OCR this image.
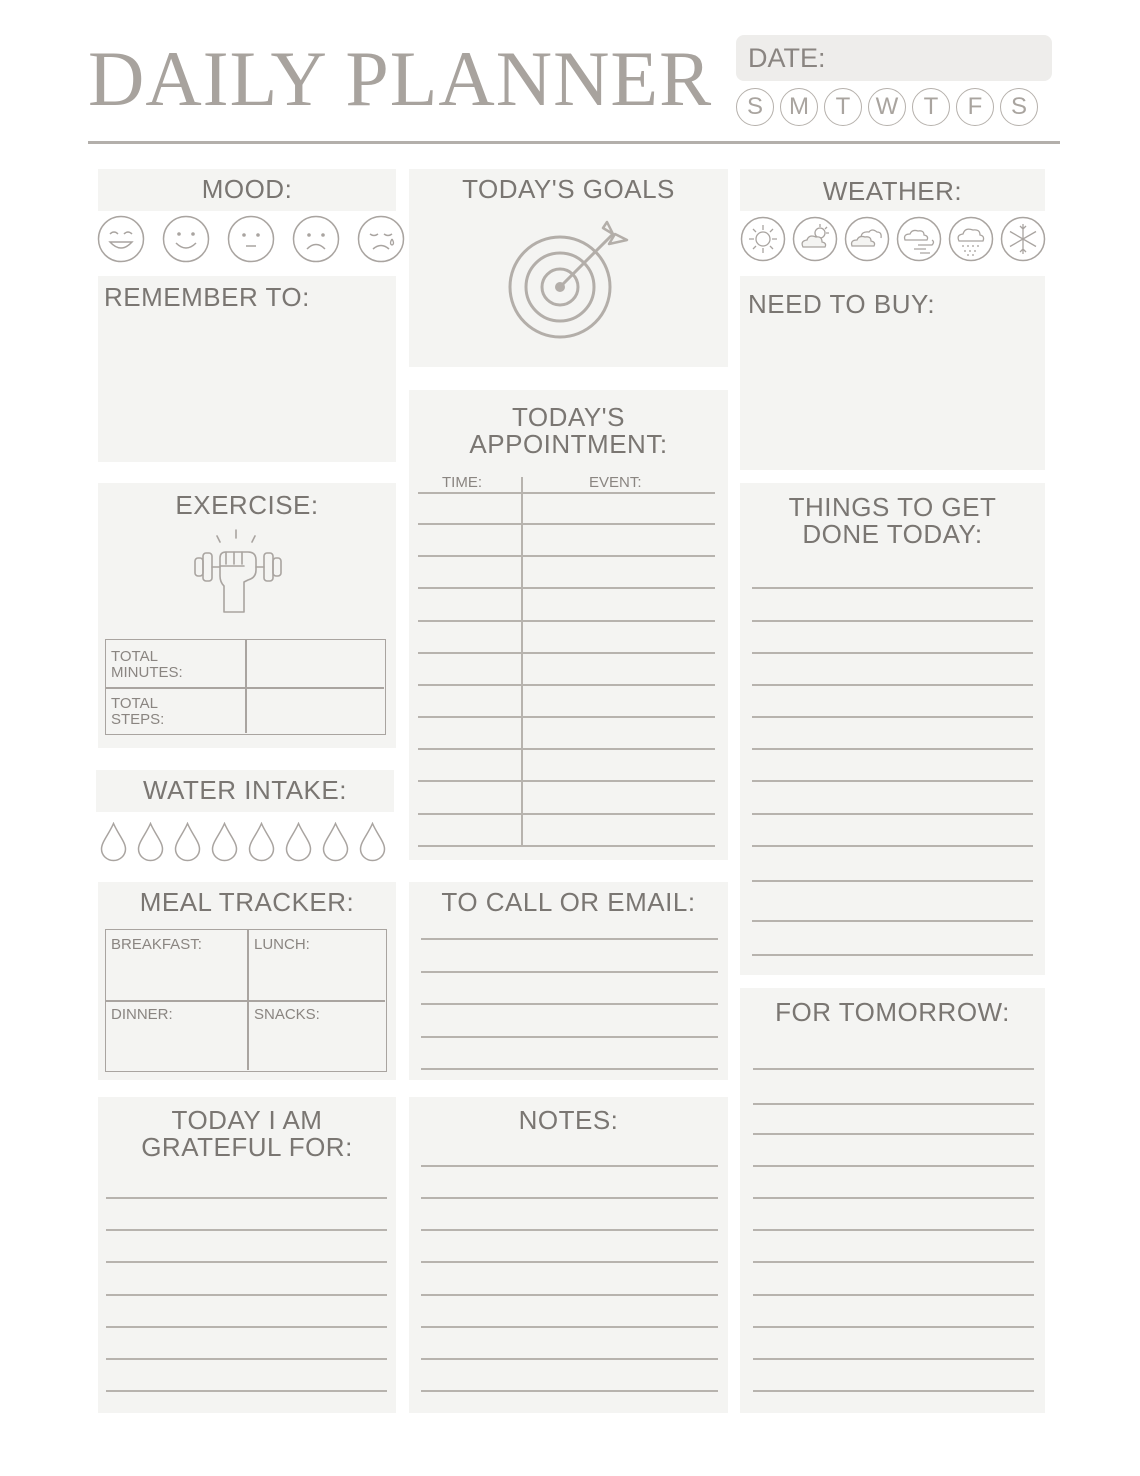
DAILY PLANNER DATE:
S	M	T	W	T	F	S
MOOD:
REMEMBER TO:
EXERCISE:
TOTAL
MINUTES:
TOTAL
STEPS:
WATER INTAKE:
MEAL TRACKER:
BREAKFAST:	LUNCH:
DINNER:	SNACKS:
TODAY I AM
GRATEFUL FOR:
TODAY'S GOALS
TODAY'S
APPOINTMENT:
TIME:	EVENT:
TO CALL OR EMAIL:
NOTES:
WEATHER:
NEED TO BUY:
THINGS TO GET
DONE TODAY:
FOR TOMORROW:
